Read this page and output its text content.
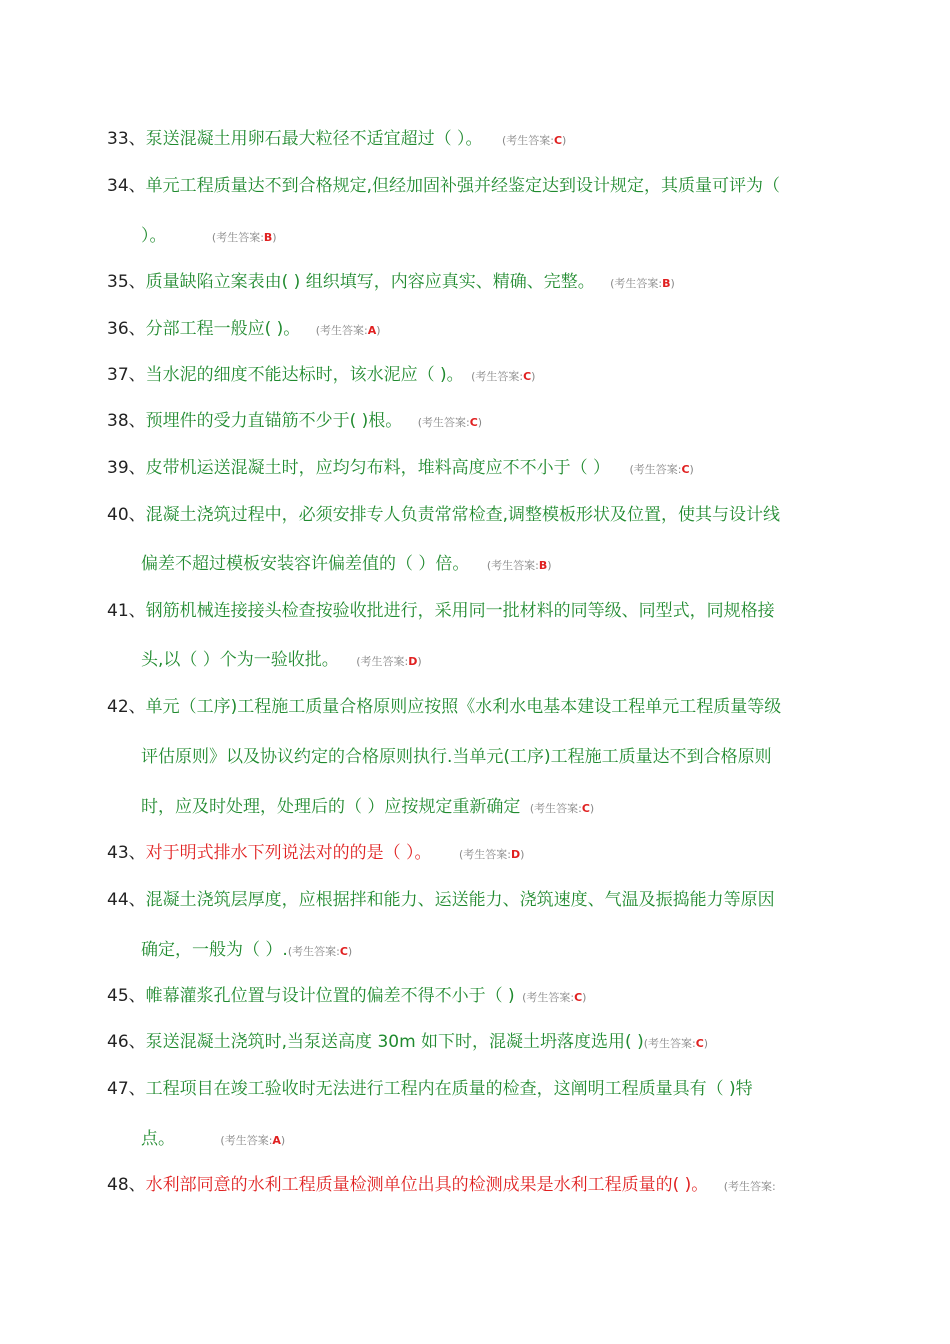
33、泵送混凝土用卵石最大粒径不适宜超过（ ）。 (考生答案:C)
34、单元工程质量达不到合格规定,但经加固补强并经鉴定达到设计规定，其质量可评为（
）。	(考生答案:B)
35、质量缺陷立案表由( ) 组织填写，内容应真实、精确、完整。 (考生答案:B)
36、分部工程一般应( )。 (考生答案:A)
37、当水泥的细度不能达标时，该水泥应（ )。 (考生答案:C)
38、预埋件的受力直锚筋不少于( )根。 (考生答案:C)
39、皮带机运送混凝土时，应均匀布料，堆料高度应不不小于（ ） (考生答案:C)
40、混凝土浇筑过程中，必须安排专人负责常常检查,调整模板形状及位置，使其与设计线
偏差不超过模板安装容许偏差值的（ ）倍。 (考生答案:B)
41、钢筋机械连接接头检查按验收批进行，采用同一批材料的同等级、同型式，同规格接
头,以（ ）个为一验收批。 (考生答案:D)
42、单元（工序)工程施工质量合格原则应按照《水利水电基本建设工程单元工程质量等级
评估原则》以及协议约定的合格原则执行.当单元(工序)工程施工质量达不到合格原则
时，应及时处理，处理后的（ ）应按规定重新确定 (考生答案:C)
43、对于明式排水下列说法对的的是（ ）。 (考生答案:D)
44、混凝土浇筑层厚度，应根据拌和能力、运送能力、浇筑速度、气温及振捣能力等原因
确定，一般为（ ）.(考生答案:C)
45、帷幕灌浆孔位置与设计位置的偏差不得不小于（ ) (考生答案:C)
46、泵送混凝土浇筑时,当泵送高度 30m 如下时，混凝土坍落度选用( )(考生答案:C)
47、工程项目在竣工验收时无法进行工程内在质量的检查，这阐明工程质量具有（ )特
点。	(考生答案:A)
48、水利部同意的水利工程质量检测单位出具的检测成果是水利工程质量的( )。 (考生答案:
